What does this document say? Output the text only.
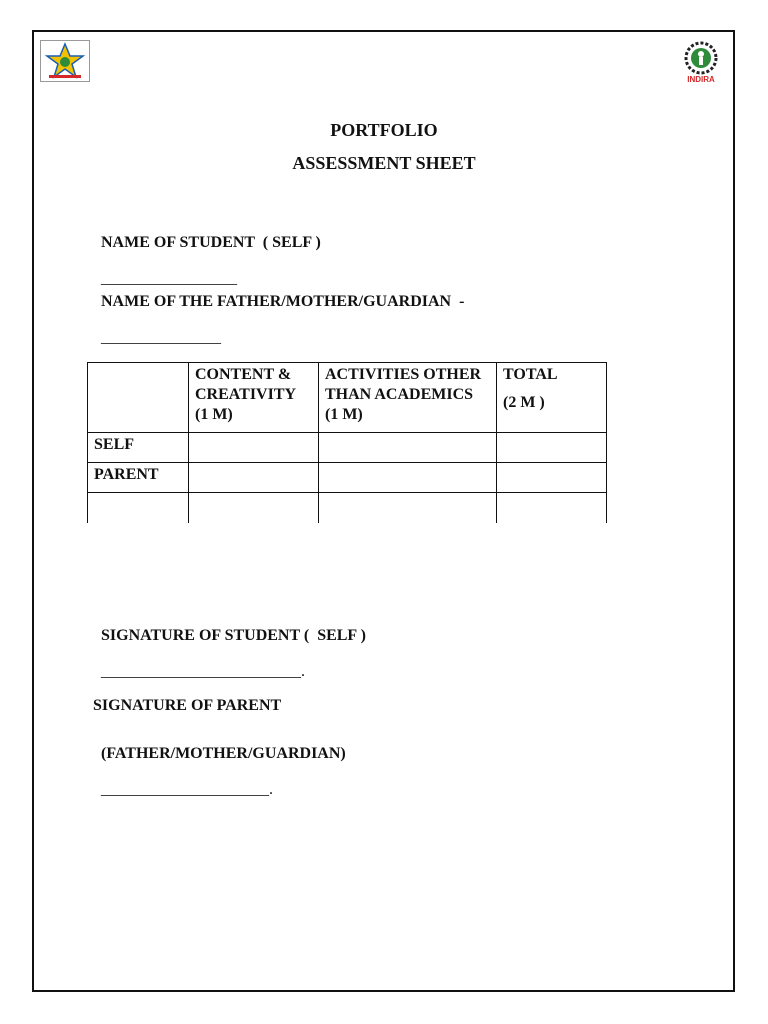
INDIRA
PORTFOLIO
ASSESSMENT SHEET

NAME OF STUDENT  ( SELF )

_________________

NAME OF THE FATHER/MOTHER/GUARDIAN  -

_______________

	CONTENT & CREATIVITY (1 M)	ACTIVITIES OTHER THAN ACADEMICS (1 M)	TOTAL
(2 M )

SELF			
PARENT			

SIGNATURE OF STUDENT (  SELF )

_________________________.

SIGNATURE OF PARENT

(FATHER/MOTHER/GUARDIAN)

_____________________.
